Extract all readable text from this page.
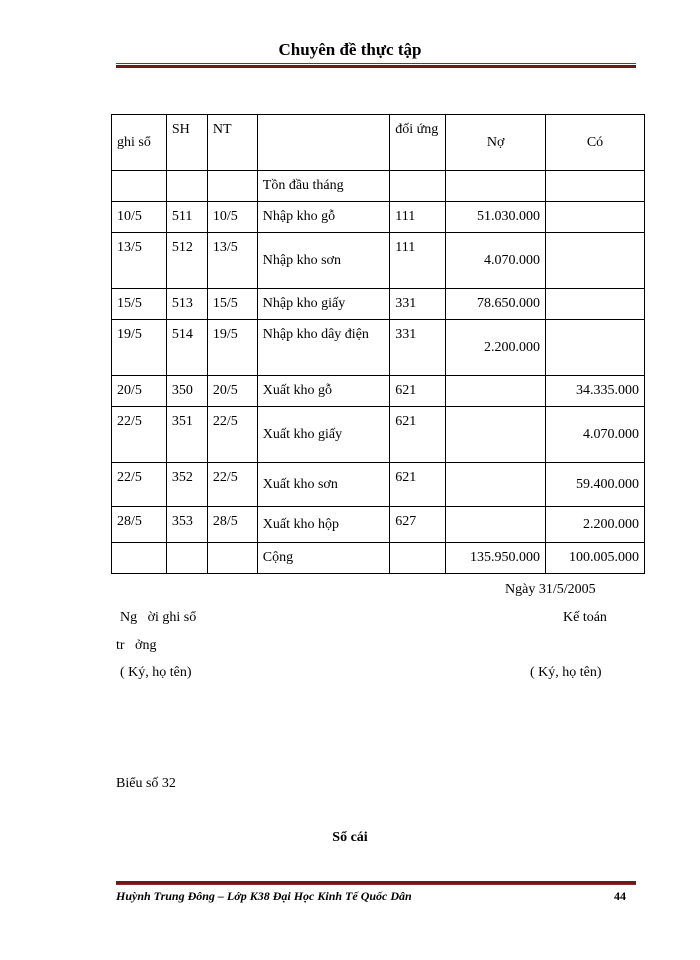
Chuyên đề thực tập
ghi sổ	SH	NT		đối ứng	Nợ	Có
			Tồn đầu tháng			
10/5	511	10/5	Nhập kho gỗ	111	51.030.000	
13/5	512	13/5	Nhập kho sơn	111	4.070.000	
15/5	513	15/5	Nhập kho giấy	331	78.650.000	
19/5	514	19/5	Nhập kho dây điện	331	2.200.000	
20/5	350	20/5	Xuất kho gỗ	621		34.335.000
22/5	351	22/5	Xuất kho giấy	621		4.070.000
22/5	352	22/5	Xuất kho sơn	621		59.400.000
28/5	353	28/5	Xuất kho hộp	627		2.200.000
			Cộng		135.950.000	100.005.000
Ngày 31/5/2005
Ng   ời ghi sổ	Kế toán
tr   ởng
( Ký, họ tên)	( Ký, họ tên)
Biểu số 32
Sổ cái
Huỳnh Trung Đông – Lớp K38 Đại Học Kinh Tế Quốc Dân	44
